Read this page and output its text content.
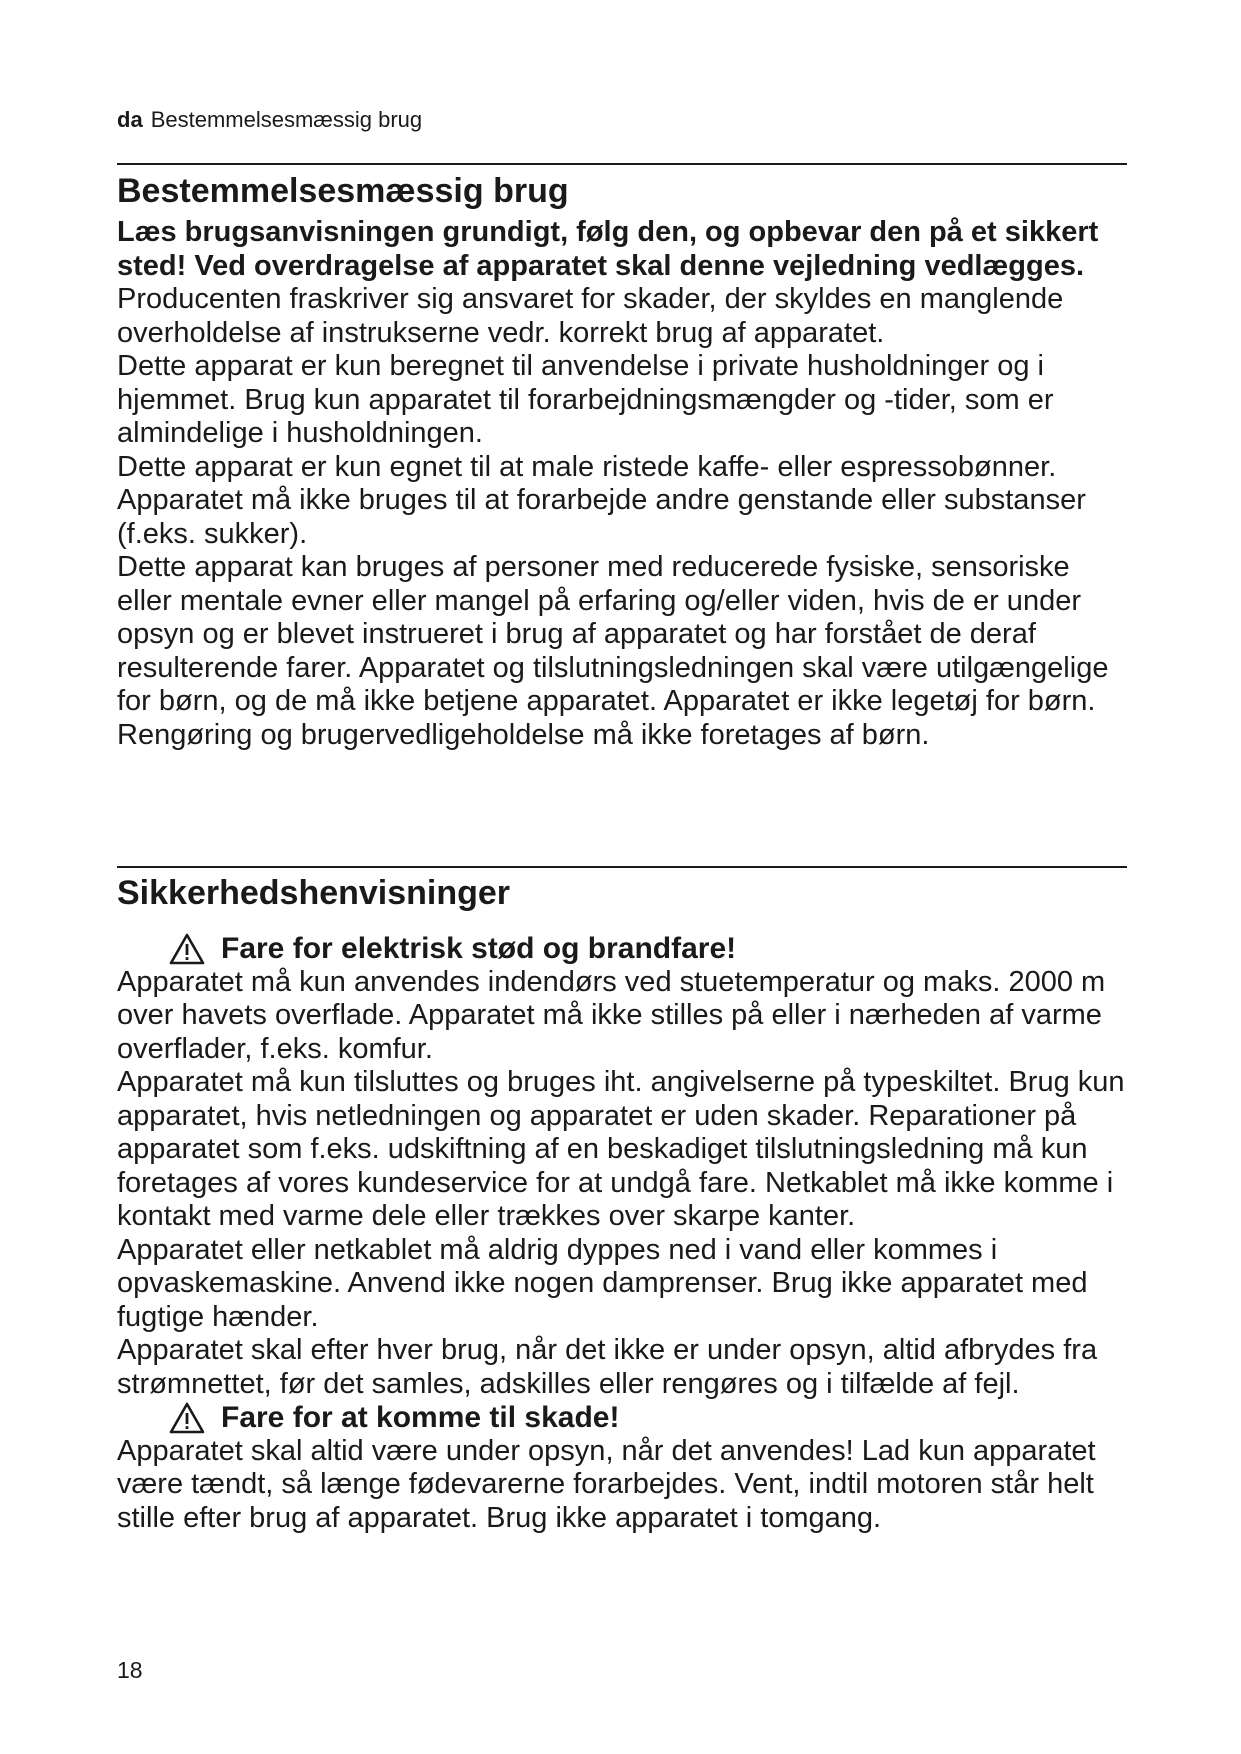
da Bestemmelsesmæssig brug
Bestemmelsesmæssig brug

Læs brugsanvisningen grundigt, følg den, og opbevar den på et sikkert sted! Ved overdragelse af apparatet skal denne vejledning vedlægges.

Producenten fraskriver sig ansvaret for skader, der skyldes en manglende overholdelse af instrukserne vedr. korrekt brug af apparatet.

Dette apparat er kun beregnet til anvendelse i private husholdninger og i hjemmet. Brug kun apparatet til forarbejdningsmængder og -tider, som er almindelige i husholdningen.

Dette apparat er kun egnet til at male ristede kaffe- eller espressobønner. Apparatet må ikke bruges til at forarbejde andre genstande eller substanser (f.eks. sukker).

Dette apparat kan bruges af personer med reducerede fysiske, sensoriske eller mentale evner eller mangel på erfaring og/eller viden, hvis de er under opsyn og er blevet instrueret i brug af apparatet og har forstået de deraf resulterende farer. Apparatet og tilslutningsledningen skal være utilgængelige for børn, og de må ikke betjene apparatet. Apparatet er ikke legetøj for børn. Rengøring og brugervedligeholdelse må ikke foretages af børn.

Sikkerhedshenvisninger
Fare for elektrisk stød og brandfare!

Apparatet må kun anvendes indendørs ved stuetemperatur og maks. 2000 m over havets overflade. Apparatet må ikke stilles på eller i nærheden af varme overflader, f.eks. komfur.

Apparatet må kun tilsluttes og bruges iht. angivelserne på typeskiltet. Brug kun apparatet, hvis netledningen og apparatet er uden skader. Reparationer på apparatet som f.eks. udskiftning af en beskadiget tilslutningsledning må kun foretages af vores kundeservice for at undgå fare. Netkablet må ikke komme i kontakt med varme dele eller trækkes over skarpe kanter.

Apparatet eller netkablet må aldrig dyppes ned i vand eller kommes i opvaskemaskine. Anvend ikke nogen damprenser. Brug ikke apparatet med fugtige hænder.

Apparatet skal efter hver brug, når det ikke er under opsyn, altid afbrydes fra strømnettet, før det samles, adskilles eller rengøres og i tilfælde af fejl.

Fare for at komme til skade!

Apparatet skal altid være under opsyn, når det anvendes! Lad kun apparatet være tændt, så længe fødevarerne forarbejdes. Vent, indtil motoren står helt stille efter brug af apparatet. Brug ikke apparatet i tomgang.

18
